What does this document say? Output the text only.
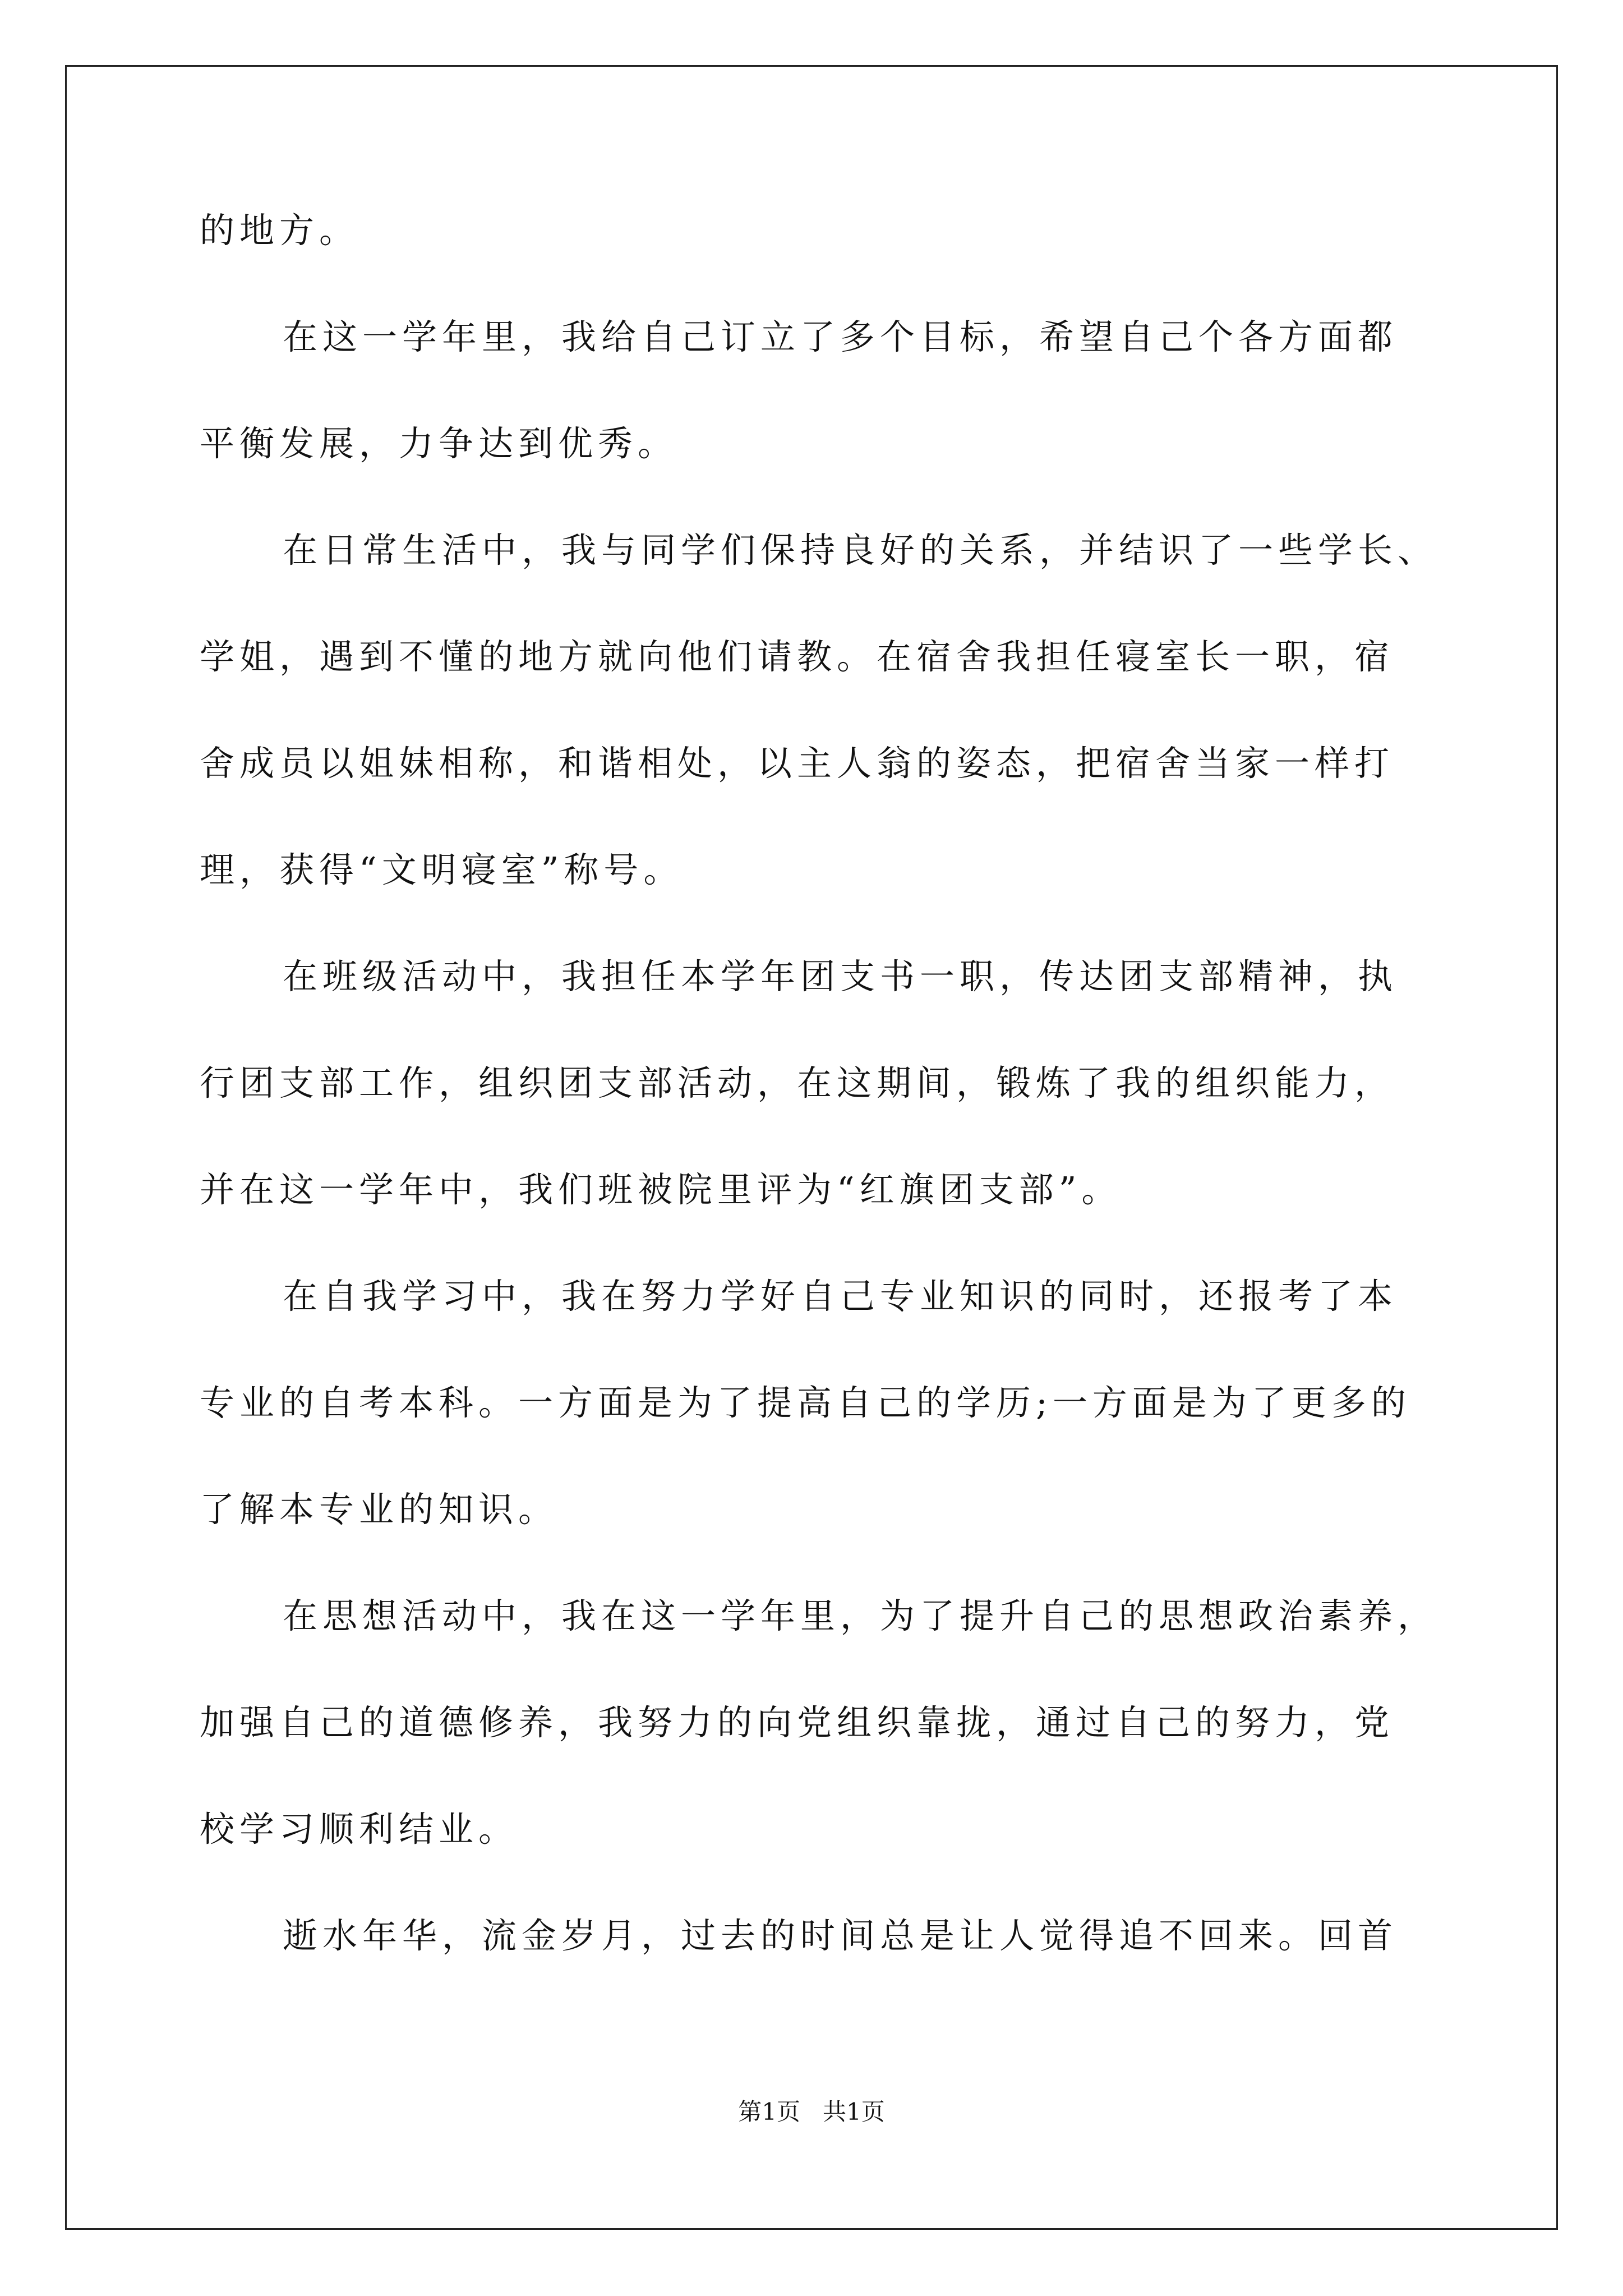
的地方。
在这一学年里，我给自己订立了多个目标，希望自己个各方面都
平衡发展，力争达到优秀。
在日常生活中，我与同学们保持良好的关系，并结识了一些学长、
学姐，遇到不懂的地方就向他们请教。在宿舍我担任寝室长一职，宿
舍成员以姐妹相称，和谐相处，以主人翁的姿态，把宿舍当家一样打
理，获得“文明寝室”称号。
在班级活动中，我担任本学年团支书一职，传达团支部精神，执
行团支部工作，组织团支部活动，在这期间，锻炼了我的组织能力，
并在这一学年中，我们班被院里评为“红旗团支部”。
在自我学习中，我在努力学好自己专业知识的同时，还报考了本
专业的自考本科。一方面是为了提高自己的学历;一方面是为了更多的
了解本专业的知识。
在思想活动中，我在这一学年里，为了提升自己的思想政治素养，
加强自己的道德修养，我努力的向党组织靠拢，通过自己的努力，党
校学习顺利结业。
逝水年华，流金岁月，过去的时间总是让人觉得追不回来。回首
第1页 共1页
